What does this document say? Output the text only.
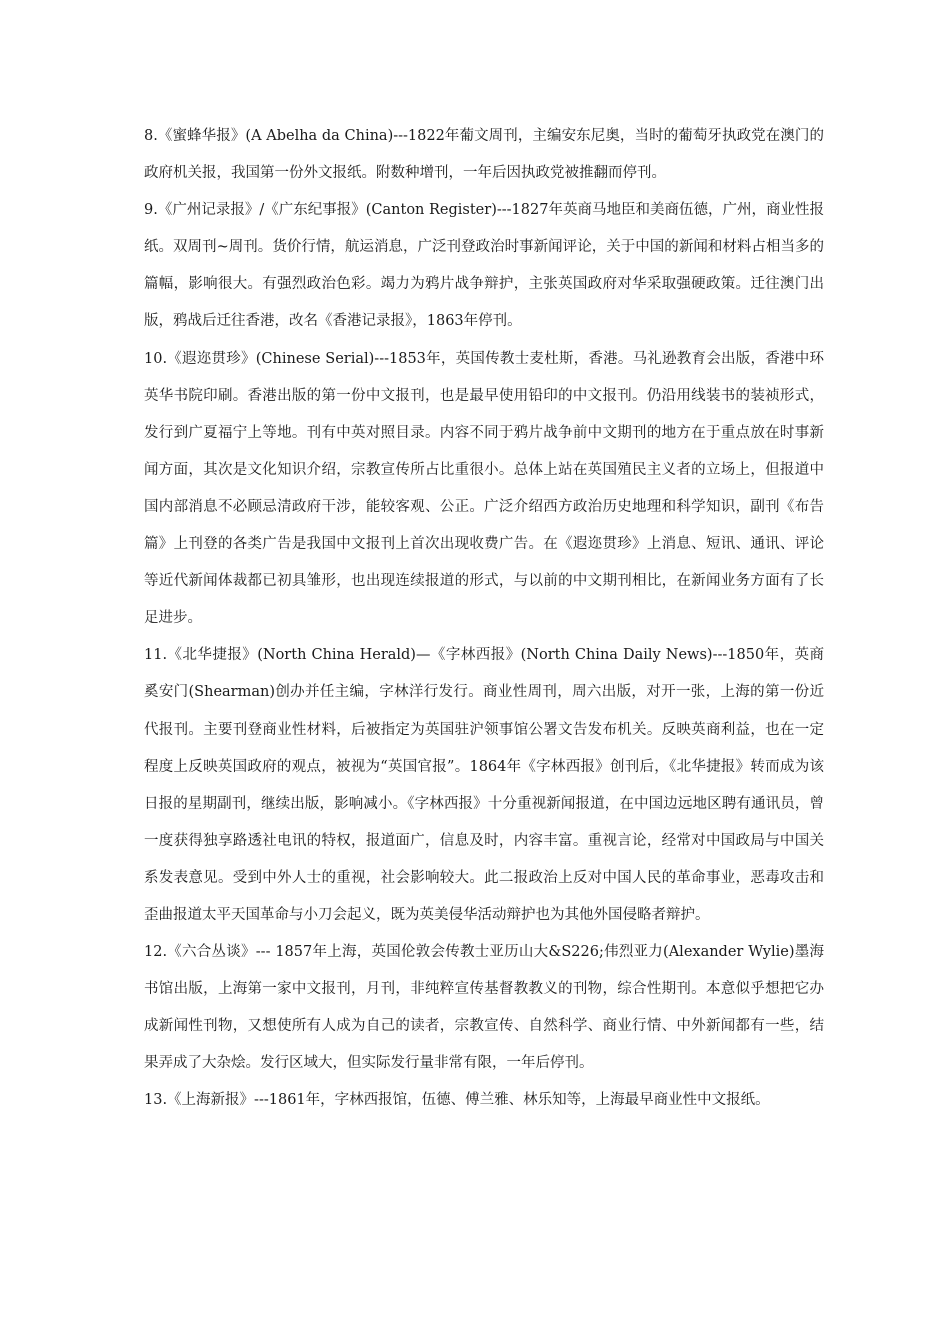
8.《蜜蜂华报》(A Abelha da China)---1822年葡文周刊，主编安东尼奥，当时的葡萄牙执政党在澳门的政府机关报，我国第一份外文报纸。附数种增刊，一年后因执政党被推翻而停刊。

9.《广州记录报》/《广东纪事报》(Canton Register)---1827年英商马地臣和美商伍德，广州，商业性报纸。双周刊~周刊。货价行情，航运消息，广泛刊登政治时事新闻评论，关于中国的新闻和材料占相当多的篇幅，影响很大。有强烈政治色彩。竭力为鸦片战争辩护，主张英国政府对华采取强硬政策。迁往澳门出版，鸦战后迁往香港，改名《香港记录报》，1863年停刊。

10.《遐迩贯珍》(Chinese Serial)---1853年，英国传教士麦杜斯，香港。马礼逊教育会出版，香港中环英华书院印刷。香港出版的第一份中文报刊，也是最早使用铅印的中文报刊。仍沿用线装书的装祯形式，发行到广夏福宁上等地。刊有中英对照目录。内容不同于鸦片战争前中文期刊的地方在于重点放在时事新闻方面，其次是文化知识介绍，宗教宣传所占比重很小。总体上站在英国殖民主义者的立场上，但报道中国内部消息不必顾忌清政府干涉，能较客观、公正。广泛介绍西方政治历史地理和科学知识，副刊《布告篇》上刊登的各类广告是我国中文报刊上首次出现收费广告。在《遐迩贯珍》上消息、短讯、通讯、评论等近代新闻体裁都已初具雏形，也出现连续报道的形式，与以前的中文期刊相比，在新闻业务方面有了长足进步。

11.《北华捷报》(North China Herald)—《字林西报》(North China Daily News)---1850年，英商奚安门(Shearman)创办并任主编，字林洋行发行。商业性周刊，周六出版，对开一张，上海的第一份近代报刊。主要刊登商业性材料，后被指定为英国驻沪领事馆公署文告发布机关。反映英商利益，也在一定程度上反映英国政府的观点，被视为“英国官报”。1864年《字林西报》创刊后，《北华捷报》转而成为该日报的星期副刊，继续出版，影响减小。《字林西报》十分重视新闻报道，在中国边远地区聘有通讯员，曾一度获得独享路透社电讯的特权，报道面广，信息及时，内容丰富。重视言论，经常对中国政局与中国关系发表意见。受到中外人士的重视，社会影响较大。此二报政治上反对中国人民的革命事业，恶毒攻击和歪曲报道太平天国革命与小刀会起义，既为英美侵华活动辩护也为其他外国侵略者辩护。

12.《六合丛谈》--- 1857年上海，英国伦敦会传教士亚历山大&S226;伟烈亚力(Alexander Wylie)墨海书馆出版，上海第一家中文报刊，月刊，非纯粹宣传基督教教义的刊物，综合性期刊。本意似乎想把它办成新闻性刊物，又想使所有人成为自己的读者，宗教宣传、自然科学、商业行情、中外新闻都有一些，结果弄成了大杂烩。发行区域大，但实际发行量非常有限，一年后停刊。

13.《上海新报》---1861年，字林西报馆，伍德、傅兰雅、林乐知等，上海最早商业性中文报纸。
